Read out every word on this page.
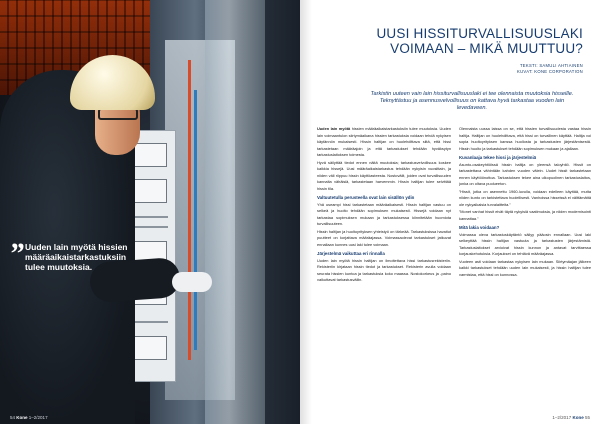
” Uuden lain myötä hissien määräaikaistarkastuksiin tulee muutoksia.
54 Kone 1–2/2017
UUSI HISSITURVALLISUUSLAKI VOIMAAN – MIKÄ MUUTTUU?
TEKSTI: SAMULI AHTIAINEN
KUVAT: KONE CORPORATION
Tarkistin uuteen vain lain hissiturvallisuuslaki ei tee olennaista muutoksia hisseille. Teknyttästuu ja asennusvelvollisuus on kattava hyvä tarkastaa vuoden lain levedaveen.

Uuden lain myötä hissien määräaikaistarkastuksiin tulee muutoksia. Uuden lain voimaantulon siirtymäaikana hissien tarkastuksia voidaan tehdä nykyisen käytännön mukaisesti. Hissin haltijan on huolehdittava siitä, että hissi tarkastetaan määräajoin ja että tarkastukset tehdään hyväksytyn tarkastuslaitoksen toimesta.

Hyvä säilyttää tiedot ennen näitä muutoksia; tarkastusvelvollisuus koskee kaikkia hissejä. Uusi määräaikaistarkastus tehdään nykyisin vuosittain, ja niiden väli riippuu hissin käyttöasteesta. Nostovälit, joiden ovat turvallisuuden kannalta vähäisiä, tarkastetaan harvemmin. Hissin haltijan tulee selvittää hissin tila.

Valtuutetulla perusteella ovat lain sisällön ydin

Yhä useampi hissi tarkastetaan määräaikaisesti. Hissin haltijan vastuu on selkeä ja huolto tehdään sopimuksen mukaisesti. Hissejä voidaan nyt tarkastaa sopimuksen mukaan ja tarkastuksessa kiinnitetään huomiota turvallisuuteen.

Hissin haltijan ja huoltoyrityksen yhteistyö on tärkeää. Tarkastuksissa havaitut puutteet on korjattava määräajassa. Voimassaolevat tarkastukset jatkuvat ennallaan kunnes uusi laki tulee voimaan.

Järjestelmä vaikuttaa eri rinnalla

Uuden lain myötä hissin haltijan on ilmoitettava hissi tarkastusrekisteriin. Rekisteriin kirjataan hissin tiedot ja tarkastukset. Rekisterin avulla voidaan seurata hissien kuntoa ja tarkastuksia koko maassa. Nostokorkeus ja -paino vaikuttavat tarkastusväliin.

Olennaista uussa laissa on se, että hissien turvallisuudesta vastaa hissin haltija. Haltijan on huolehdittava, että hissi on turvallinen käyttää. Haltija voi sopia huoltoyrityksen kanssa huollosta ja tarkastusten järjestämisestä. Hissin huolto ja tarkastukset tehdään sopimuksen mukaan ja ajallaan.

Kuvanlaaja tekee hissi ja järjestelmiä

Asunto-osakeyhtiöissä hissin haltija on yleensä taloyhtiö. Hissit on tarkastettava vähintään kahden vuoden välein. Uudet hissit tarkastetaan ennen käyttöönottoa. Tarkastuksen tekee aina ulkopuolinen tarkastuslaitos, jonka on oltava puolueeton.

”Hissit, jotka on asennettu 1960-luvulla, voidaan edelleen käyttää, mutta niiden kunto on tarkistettava huolellisesti. Vanhoissa hisseissä ei välttämättä ole nykyaikaisia turvalaitteita.”

”Monet vanhat hissit eivät täytä nykyisiä vaatimuksia, ja niiden modernisointi kannattaa.”

Mitä lakia voidaan?

Voimassa oleva tarkastuskäytäntö säilyy pääosin ennallaan. Uusi laki selkeyttää hissin haltijan vastuuta ja tarkastusten järjestämistä. Tarkastuslaitokset arvioivat hissin kunnon ja antavat tarvittaessa korjauskehotuksia. Korjaukset on tehtävä määräajassa.

Vuoteen asti voidaan tarkastaa nykyisen lain mukaan. Siirtymäajan jälkeen kaikki tarkastukset tehdään uuden lain mukaisesti, ja hissin haltijan tulee varmistaa, että hissi on kunnossa.

1–2/2017 Kone 55
